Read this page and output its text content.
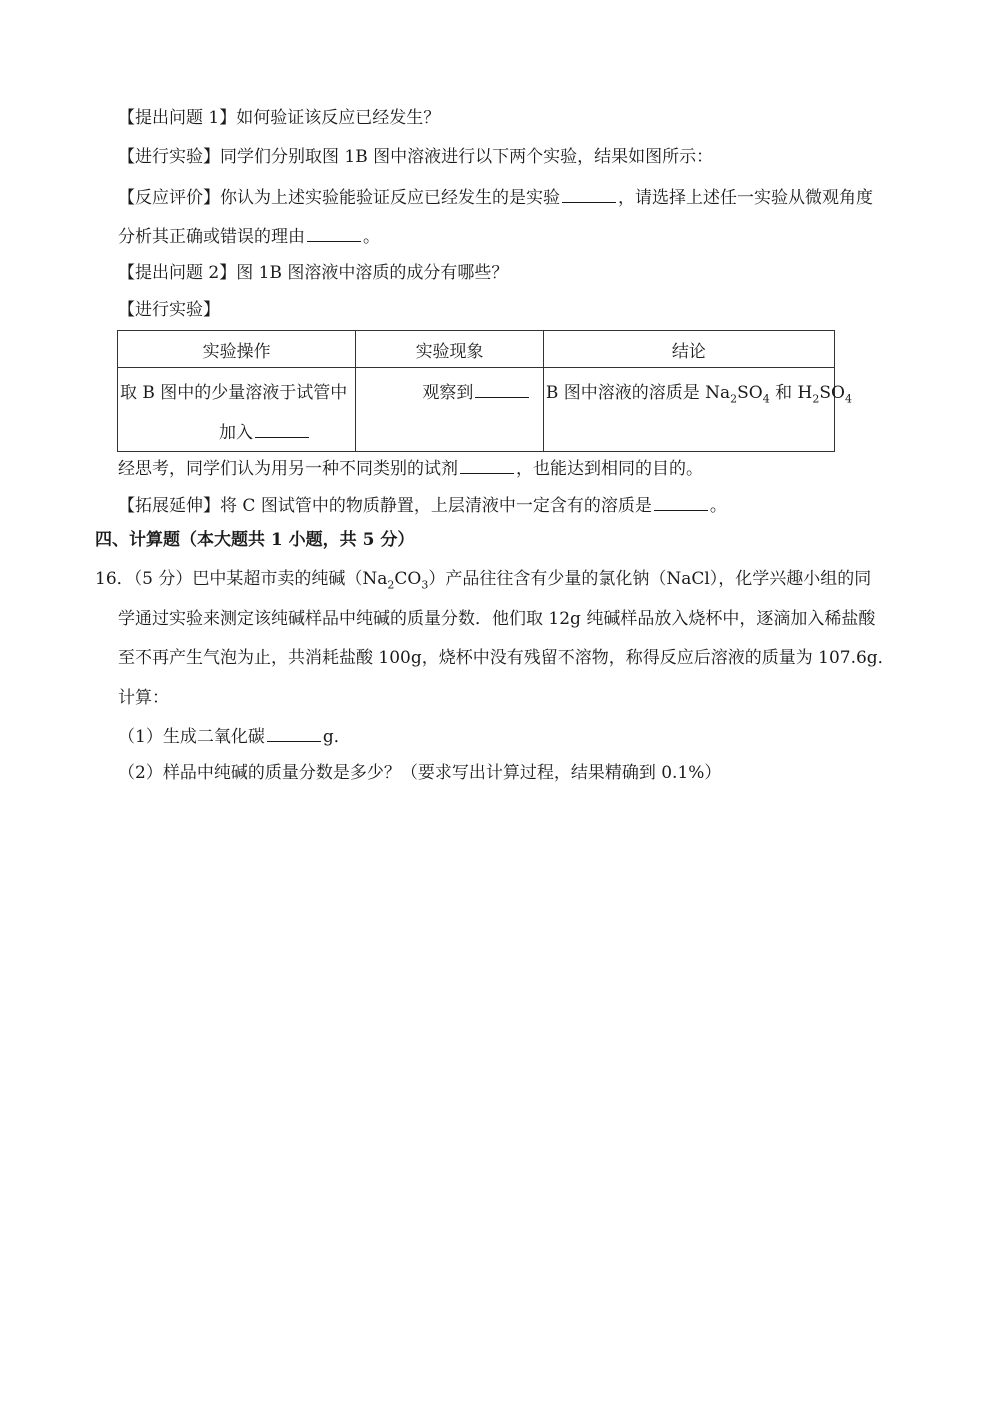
【提出问题 1】如何验证该反应已经发生？
【进行实验】同学们分别取图 1B 图中溶液进行以下两个实验，结果如图所示：
【反应评价】你认为上述实验能验证反应已经发生的是实验	，请选择上述任一实验从微观角度
分析其正确或错误的理由	。
【提出问题 2】图 1B 图溶液中溶质的成分有哪些？
【进行实验】
实验操作	实验现象	结论

取 B 图中的少量溶液于试管中
加入	观察到	B 图中溶液的溶质是 $Na_2SO_4$ 和 $H_2SO_4$
经思考，同学们认为用另一种不同类别的试剂	，也能达到相同的目的。
【拓展延伸】将 C 图试管中的物质静置，上层清液中一定含有的溶质是	。
四、计算题（本大题共 1 小题，共 5 分）
16．（5 分）巴中某超市卖的纯碱$(Na_2CO_3)$产品往往含有少量的氯化钠（NaCl），化学兴趣小组的同
学通过实验来测定该纯碱样品中纯碱的质量分数．他们取 12g 纯碱样品放入烧杯中，逐滴加入稀盐酸
至不再产生气泡为止，共消耗盐酸 100g，烧杯中没有残留不溶物，称得反应后溶液的质量为 107.6g．
计算：
（1）生成二氧化碳	g．
（2）样品中纯碱的质量分数是多少？（要求写出计算过程，结果精确到 0.1%）
